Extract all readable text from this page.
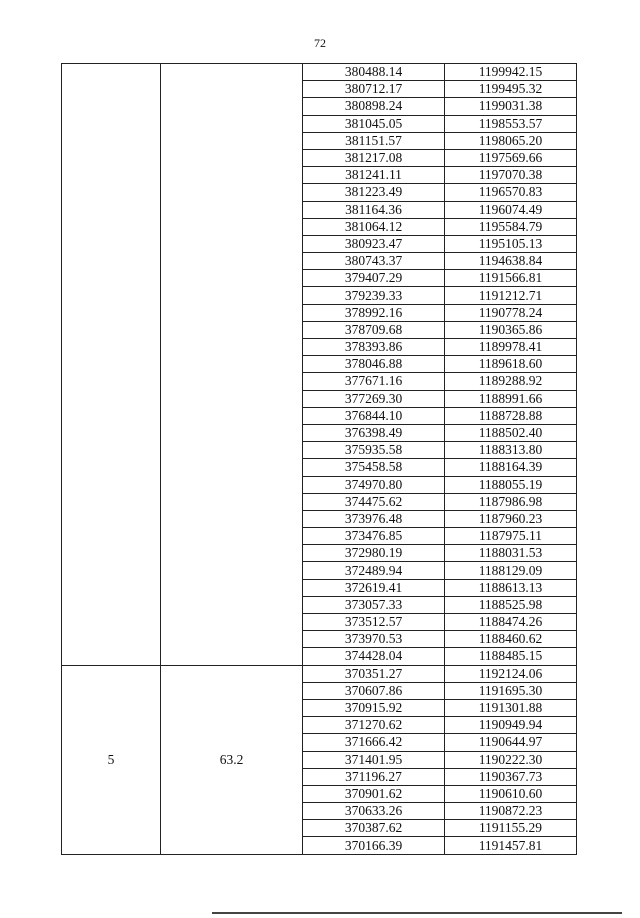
72
		380488.14	1199942.15
		380712.17	1199495.32
		380898.24	1199031.38
		381045.05	1198553.57
		381151.57	1198065.20
		381217.08	1197569.66
		381241.11	1197070.38
		381223.49	1196570.83
		381164.36	1196074.49
		381064.12	1195584.79
		380923.47	1195105.13
		380743.37	1194638.84
		379407.29	1191566.81
		379239.33	1191212.71
		378992.16	1190778.24
		378709.68	1190365.86
		378393.86	1189978.41
		378046.88	1189618.60
		377671.16	1189288.92
		377269.30	1188991.66
		376844.10	1188728.88
		376398.49	1188502.40
		375935.58	1188313.80
		375458.58	1188164.39
		374970.80	1188055.19
		374475.62	1187986.98
		373976.48	1187960.23
		373476.85	1187975.11
		372980.19	1188031.53
		372489.94	1188129.09
		372619.41	1188613.13
		373057.33	1188525.98
		373512.57	1188474.26
		373970.53	1188460.62
		374428.04	1188485.15
5	63.2	370351.27	1192124.06
		370607.86	1191695.30
		370915.92	1191301.88
		371270.62	1190949.94
		371666.42	1190644.97
		371401.95	1190222.30
		371196.27	1190367.73
		370901.62	1190610.60
		370633.26	1190872.23
		370387.62	1191155.29
		370166.39	1191457.81
